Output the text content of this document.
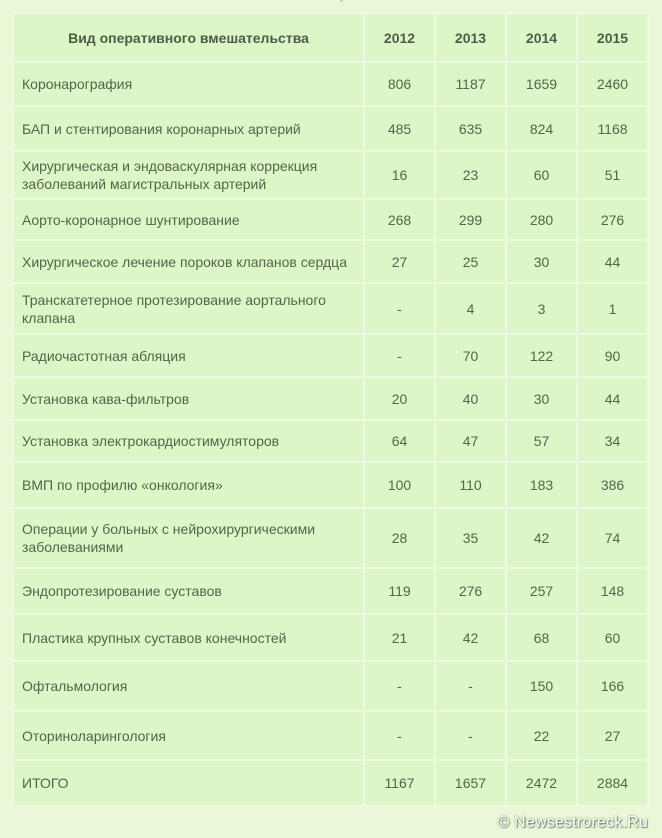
Вид оперативного вмешательства	2012	2013	2014	2015
Коронарография	806	1187	1659	2460
БАП и стентирования коронарных артерий	485	635	824	1168
Хирургическая и эндоваскулярная коррекция заболеваний магистральных артерий	16	23	60	51
Аорто-коронарное шунтирование	268	299	280	276
Хирургическое лечение пороков клапанов сердца	27	25	30	44
Транскатетерное протезирование аортального клапана	-	4	3	1
Радиочастотная абляция	-	70	122	90
Установка кава-фильтров	20	40	30	44
Установка электрокардиостимуляторов	64	47	57	34
ВМП по профилю «онкология»	100	110	183	386
Операции у больных с нейрохирургическими заболеваниями	28	35	42	74
Эндопротезирование суставов	119	276	257	148
Пластика крупных суставов конечностей	21	42	68	60
Офтальмология	-	-	150	166
Оториноларингология	-	-	22	27
ИТОГО	1167	1657	2472	2884
© Newsestroreck.Ru
